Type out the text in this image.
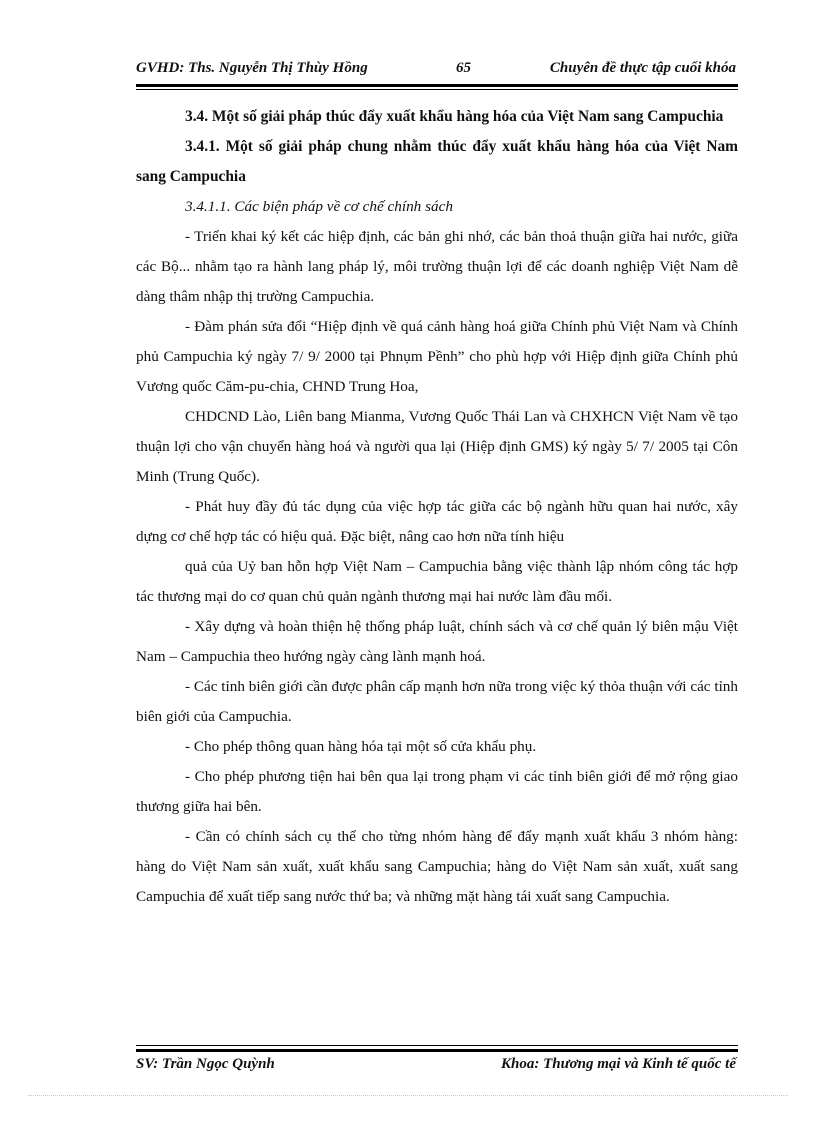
GVHD: Ths. Nguyễn Thị Thùy Hồng	65	Chuyên đề thực tập cuối khóa

3.4. Một số giải pháp thúc đẩy xuất khẩu hàng hóa của Việt Nam sang Campuchia

3.4.1. Một số giải pháp chung nhằm thúc đẩy xuất khẩu hàng hóa của Việt Nam sang Campuchia

3.4.1.1. Các biện pháp về cơ chế chính sách

- Triển khai ký kết các hiệp định, các bản ghi nhớ, các bản thoả thuận giữa hai nước, giữa các Bộ... nhằm tạo ra hành lang pháp lý, môi trường thuận lợi để các doanh nghiệp Việt Nam dễ dàng thâm nhập thị trường Campuchia.

- Đàm phán sửa đổi “Hiệp định về quá cảnh hàng hoá giữa Chính phủ Việt Nam và Chính phủ Campuchia ký ngày 7/ 9/ 2000 tại Phnụm Pềnh” cho phù hợp với Hiệp định giữa Chính phủ Vương quốc Căm-pu-chia, CHND Trung Hoa,

CHDCND Lào, Liên bang Mianma, Vương Quốc Thái Lan và CHXHCN Việt Nam về tạo thuận lợi cho vận chuyển hàng hoá và người qua lại (Hiệp định GMS) ký ngày 5/ 7/ 2005 tại Côn Minh (Trung Quốc).

- Phát huy đầy đủ tác dụng của việc hợp tác giữa các bộ ngành hữu quan hai nước, xây dựng cơ chế hợp tác có hiệu quả. Đặc biệt, nâng cao hơn nữa tính hiệu

quả của Uỷ ban hỗn hợp Việt Nam – Campuchia bằng việc thành lập nhóm công tác hợp tác thương mại do cơ quan chủ quản ngành thương mại hai nước làm đầu mối.

- Xây dựng và hoàn thiện hệ thống pháp luật, chính sách và cơ chế quản lý biên mậu Việt Nam – Campuchia theo hướng ngày càng lành mạnh hoá.

- Các tỉnh biên giới cần được phân cấp mạnh hơn nữa trong việc ký thỏa thuận với các tỉnh biên giới của Campuchia.

- Cho phép thông quan hàng hóa tại một số cửa khẩu phụ.

- Cho phép phương tiện hai bên qua lại trong phạm vi các tỉnh biên giới để mở rộng giao thương giữa hai bên.

- Cần có chính sách cụ thể cho từng nhóm hàng để đẩy mạnh xuất khẩu 3 nhóm hàng: hàng do Việt Nam sản xuất, xuất khẩu sang Campuchia; hàng do Việt Nam sản xuất, xuất sang Campuchia để xuất tiếp sang nước thứ ba; và những mặt hàng tái xuất sang Campuchia.

SV: Trần Ngọc Quỳnh	Khoa: Thương mại và Kinh tế quốc tế
